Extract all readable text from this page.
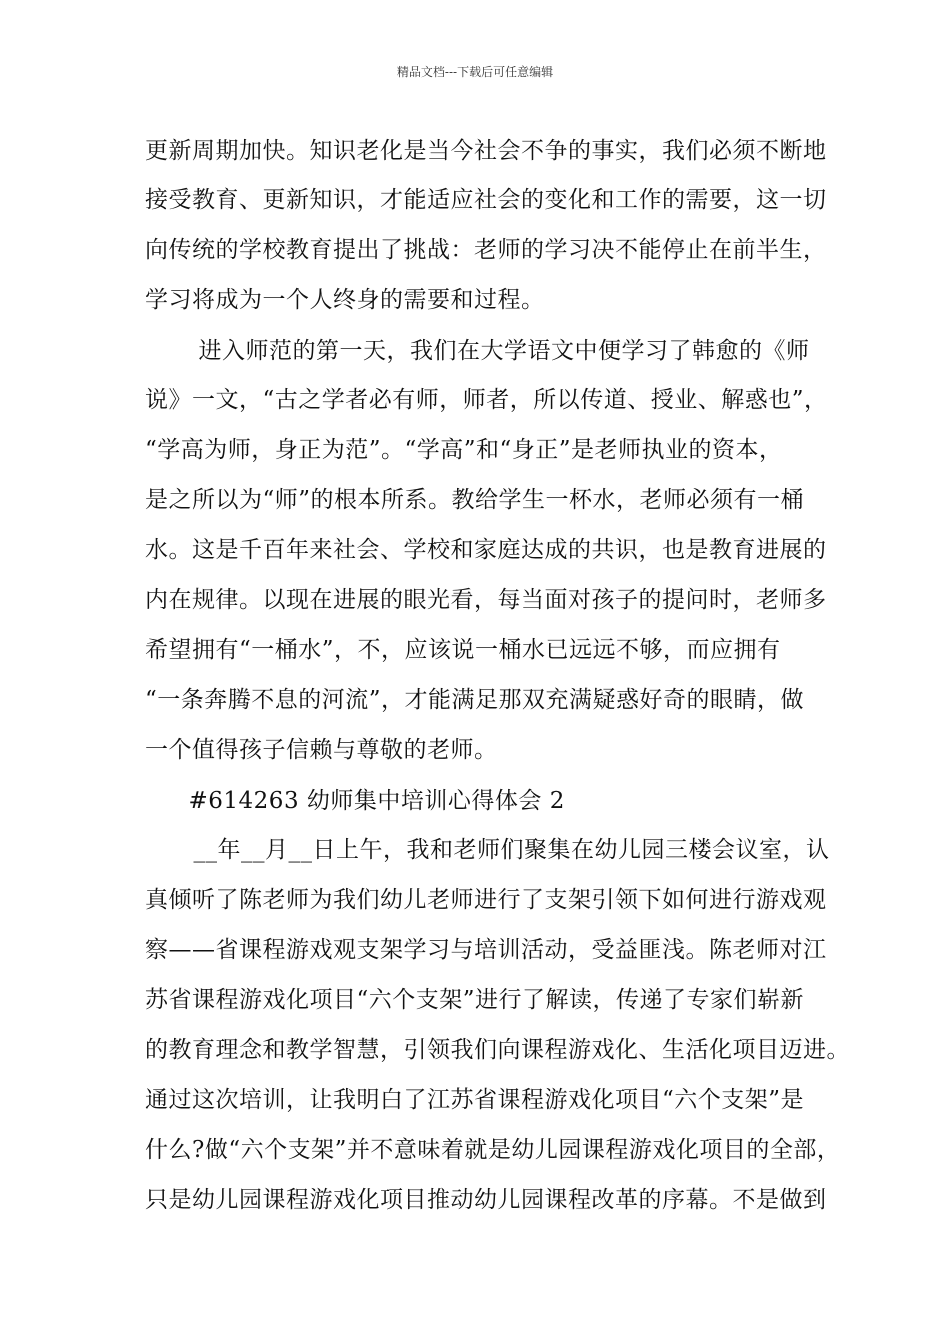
精品文档---下载后可任意编辑
更新周期加快。知识老化是当今社会不争的事实，我们必须不断地
接受教育、更新知识，才能适应社会的变化和工作的需要，这一切
向传统的学校教育提出了挑战：老师的学习决不能停止在前半生，
学习将成为一个人终身的需要和过程。
　进入师范的第一天，我们在大学语文中便学习了韩愈的《师
说》一文，“古之学者必有师，师者，所以传道、授业、解惑也”，
“学高为师，身正为范”。“学高”和“身正”是老师执业的资本，
是之所以为“师”的根本所系。教给学生一杯水，老师必须有一桶
水。这是千百年来社会、学校和家庭达成的共识，也是教育进展的
内在规律。以现在进展的眼光看，每当面对孩子的提问时，老师多
希望拥有“一桶水”，不，应该说一桶水已远远不够，而应拥有
“一条奔腾不息的河流”，才能满足那双充满疑惑好奇的眼睛，做
一个值得孩子信赖与尊敬的老师。
　#614263 幼师集中培训心得体会 2
　__年__月__日上午，我和老师们聚集在幼儿园三楼会议室，认
真倾听了陈老师为我们幼儿老师进行了支架引领下如何进行游戏观
察——省课程游戏观支架学习与培训活动，受益匪浅。陈老师对江
苏省课程游戏化项目“六个支架”进行了解读，传递了专家们崭新
的教育理念和教学智慧，引领我们向课程游戏化、生活化项目迈进。
通过这次培训，让我明白了江苏省课程游戏化项目“六个支架”是
什么?做“六个支架”并不意味着就是幼儿园课程游戏化项目的全部，
只是幼儿园课程游戏化项目推动幼儿园课程改革的序幕。不是做到
